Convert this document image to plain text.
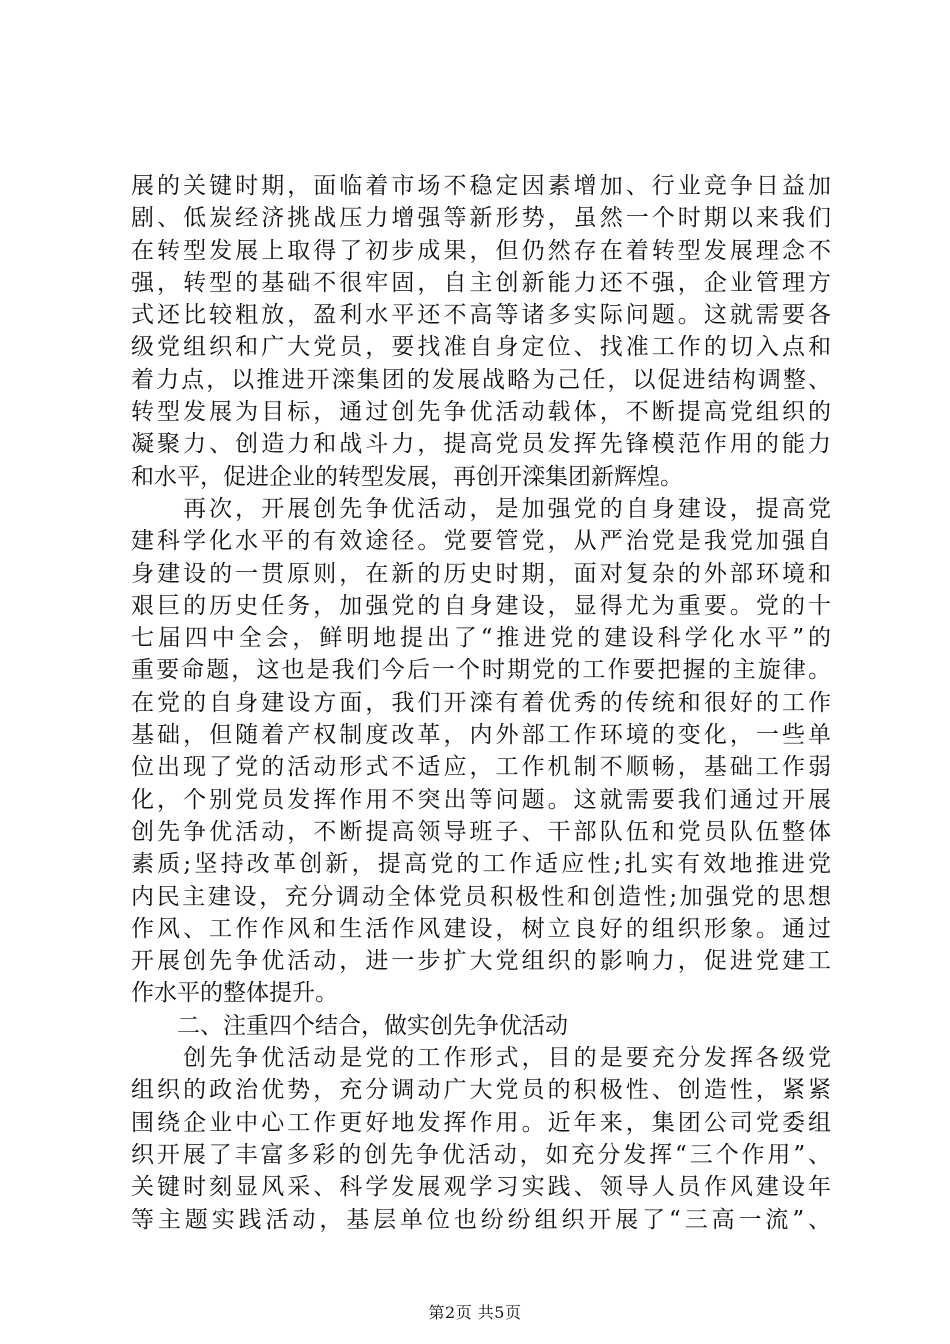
展的关键时期，面临着市场不稳定因素增加、行业竞争日益加
剧、低炭经济挑战压力增强等新形势，虽然一个时期以来我们
在转型发展上取得了初步成果，但仍然存在着转型发展理念不
强，转型的基础不很牢固，自主创新能力还不强，企业管理方
式还比较粗放，盈利水平还不高等诸多实际问题。这就需要各
级党组织和广大党员，要找准自身定位、找准工作的切入点和
着力点，以推进开滦集团的发展战略为己任，以促进结构调整、
转型发展为目标，通过创先争优活动载体，不断提高党组织的
凝聚力、创造力和战斗力，提高党员发挥先锋模范作用的能力
和水平，促进企业的转型发展，再创开滦集团新辉煌。
　　再次，开展创先争优活动，是加强党的自身建设，提高党
建科学化水平的有效途径。党要管党，从严治党是我党加强自
身建设的一贯原则，在新的历史时期，面对复杂的外部环境和
艰巨的历史任务，加强党的自身建设，显得尤为重要。党的十
七届四中全会，鲜明地提出了“推进党的建设科学化水平”的
重要命题，这也是我们今后一个时期党的工作要把握的主旋律。
在党的自身建设方面，我们开滦有着优秀的传统和很好的工作
基础，但随着产权制度改革，内外部工作环境的变化，一些单
位出现了党的活动形式不适应，工作机制不顺畅，基础工作弱
化，个别党员发挥作用不突出等问题。这就需要我们通过开展
创先争优活动，不断提高领导班子、干部队伍和党员队伍整体
素质;坚持改革创新，提高党的工作适应性;扎实有效地推进党
内民主建设，充分调动全体党员积极性和创造性;加强党的思想
作风、工作作风和生活作风建设，树立良好的组织形象。通过
开展创先争优活动，进一步扩大党组织的影响力，促进党建工
作水平的整体提升。
　　二、注重四个结合，做实创先争优活动
　　创先争优活动是党的工作形式，目的是要充分发挥各级党
组织的政治优势，充分调动广大党员的积极性、创造性，紧紧
围绕企业中心工作更好地发挥作用。近年来，集团公司党委组
织开展了丰富多彩的创先争优活动，如充分发挥“三个作用”、
关键时刻显风采、科学发展观学习实践、领导人员作风建设年
等主题实践活动，基层单位也纷纷组织开展了“三高一流”、
第2页 共5页
